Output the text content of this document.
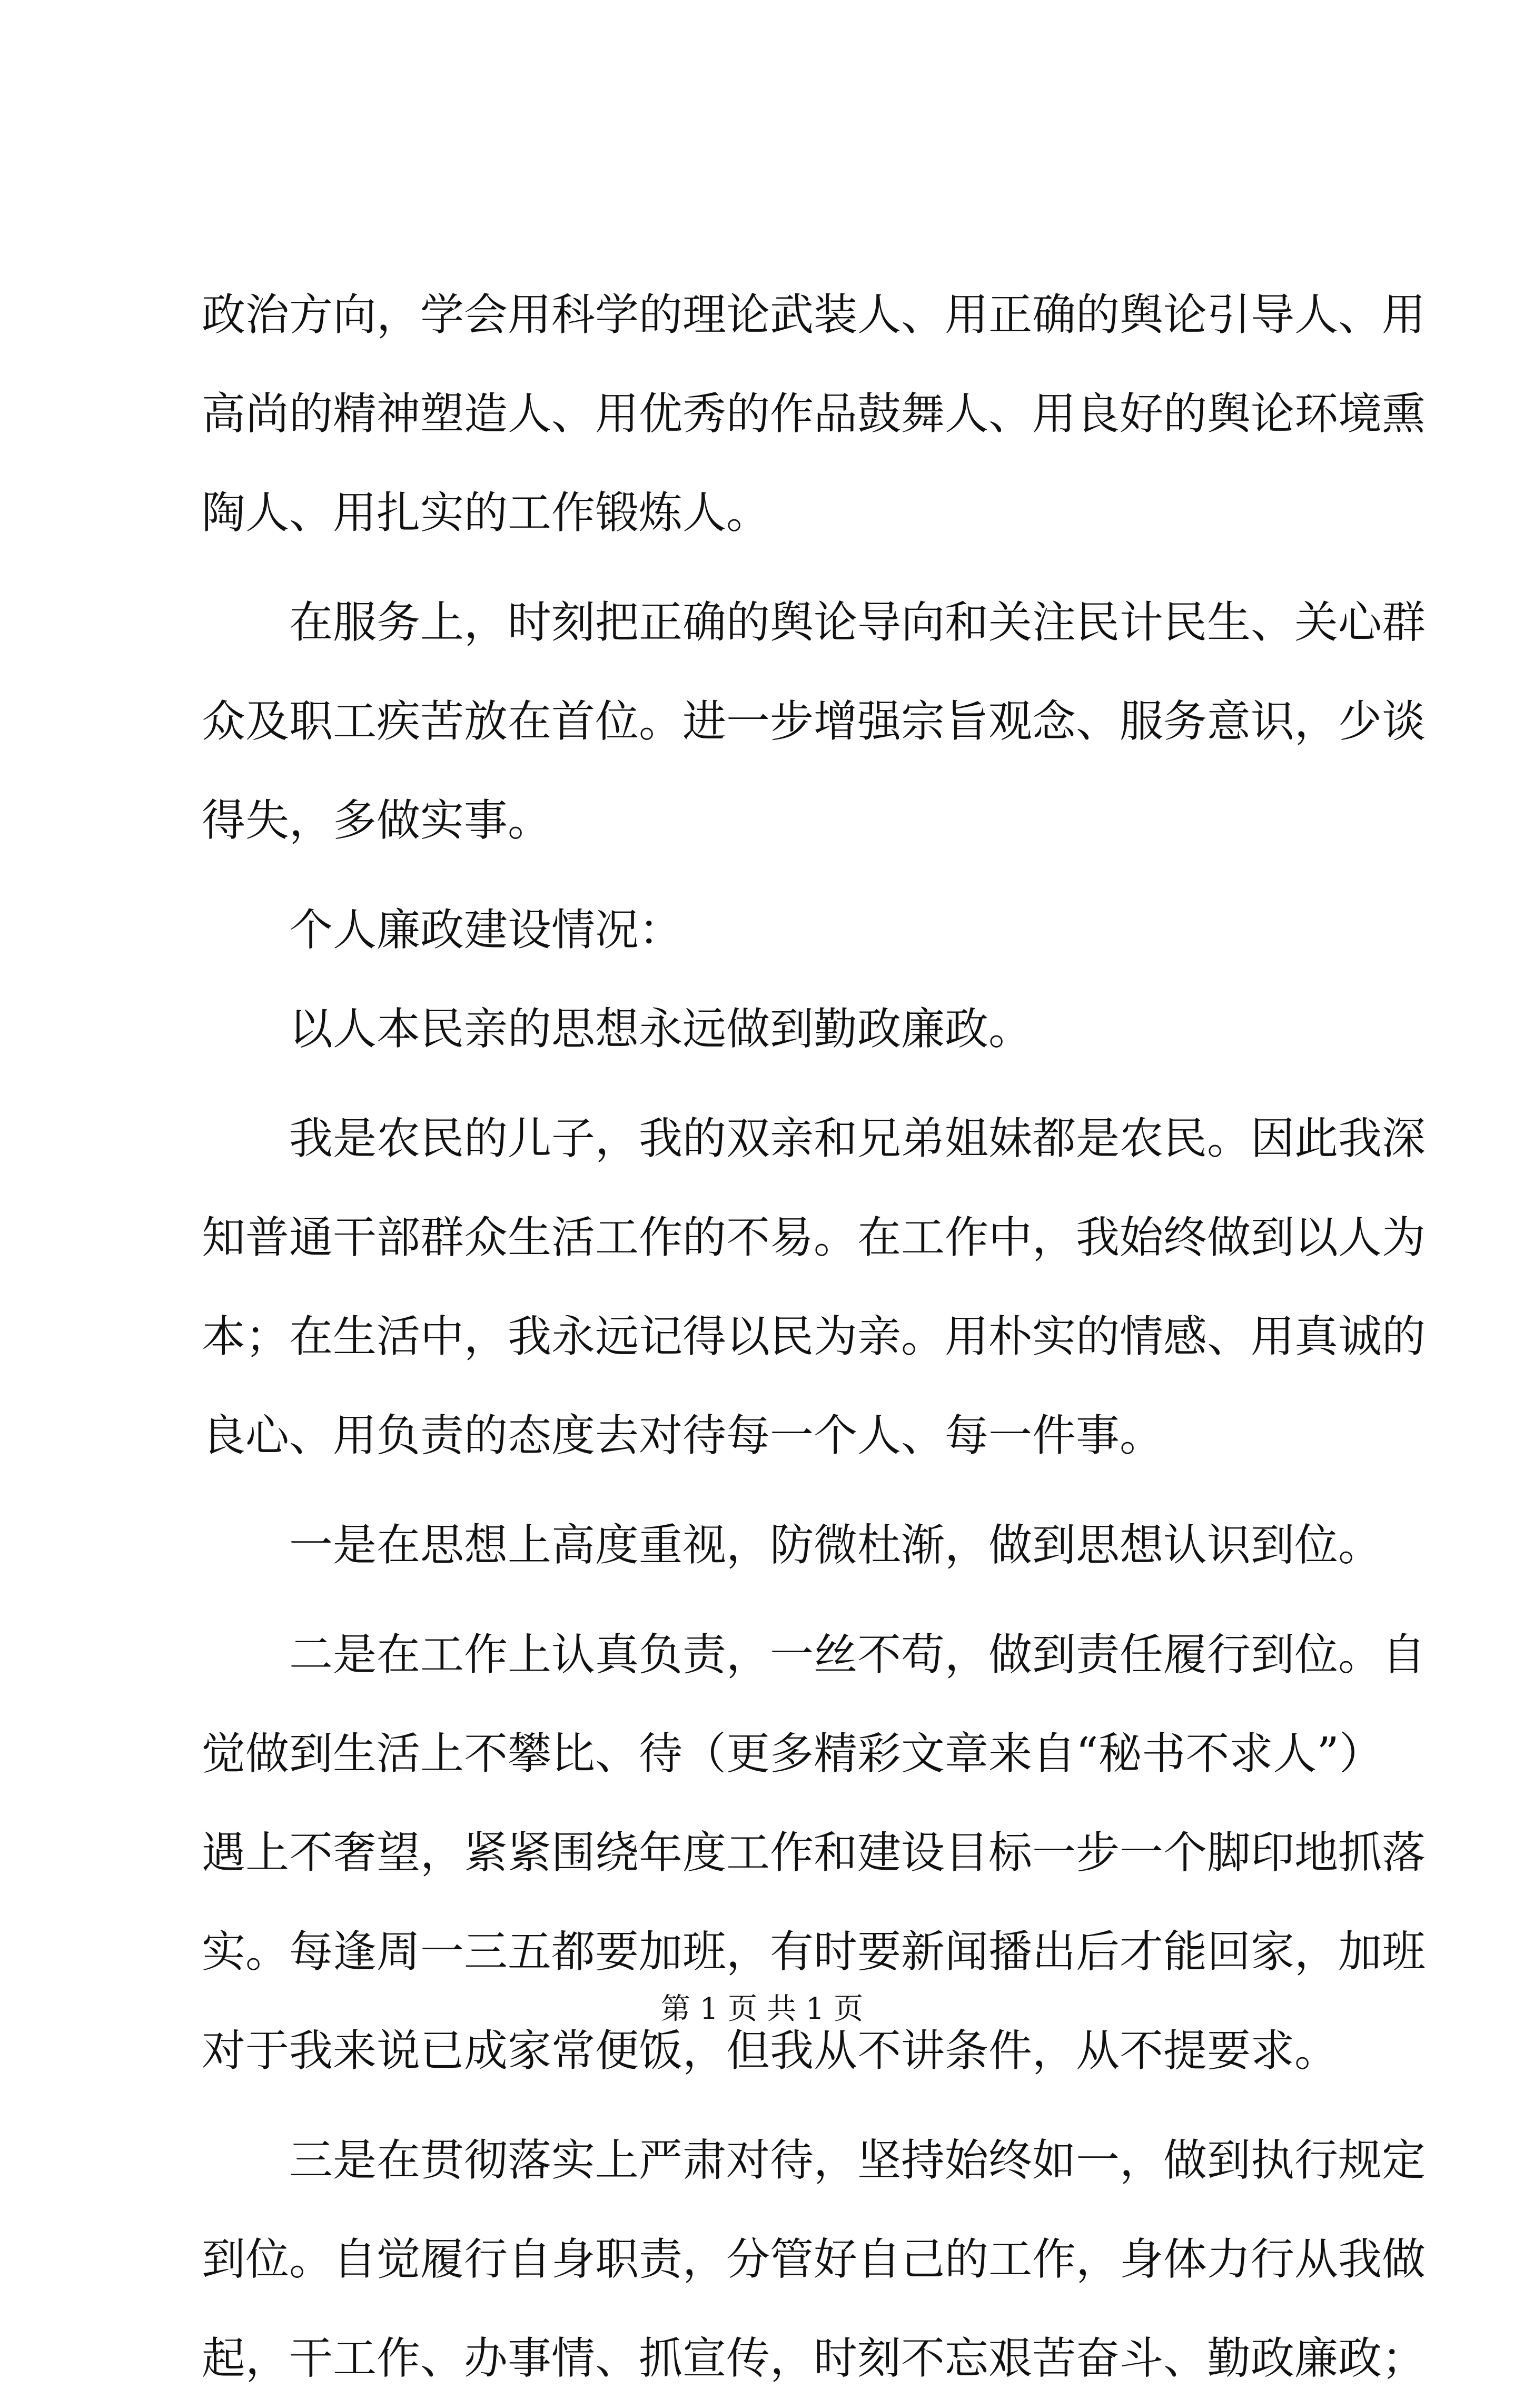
政治方向，学会用科学的理论武装人、用正确的舆论引导人、用
高尚的精神塑造人、用优秀的作品鼓舞人、用良好的舆论环境熏
陶人、用扎实的工作锻炼人。
在服务上，时刻把正确的舆论导向和关注民计民生、关心群
众及职工疾苦放在首位。进一步增强宗旨观念、服务意识，少谈
得失，多做实事。
个人廉政建设情况：
以人本民亲的思想永远做到勤政廉政。
我是农民的儿子，我的双亲和兄弟姐妹都是农民。因此我深
知普通干部群众生活工作的不易。在工作中，我始终做到以人为
本；在生活中，我永远记得以民为亲。用朴实的情感、用真诚的
良心、用负责的态度去对待每一个人、每一件事。
一是在思想上高度重视，防微杜渐，做到思想认识到位。
二是在工作上认真负责，一丝不苟，做到责任履行到位。自
觉做到生活上不攀比、待（更多精彩文章来自“秘书不求人”）
遇上不奢望，紧紧围绕年度工作和建设目标一步一个脚印地抓落
实。每逢周一三五都要加班，有时要新闻播出后才能回家，加班
对于我来说已成家常便饭，但我从不讲条件，从不提要求。
三是在贯彻落实上严肃对待，坚持始终如一，做到执行规定
到位。自觉履行自身职责，分管好自己的工作，身体力行从我做
起，干工作、办事情、抓宣传，时刻不忘艰苦奋斗、勤政廉政；
第 1 页 共 1 页
